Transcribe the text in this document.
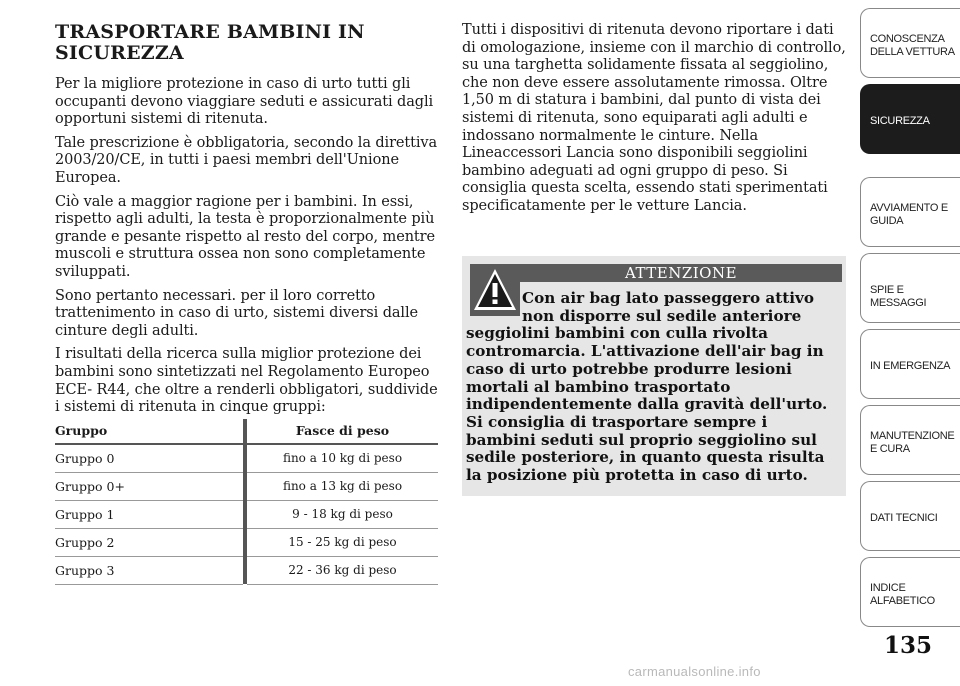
TRASPORTARE BAMBINI IN SICUREZZA

Per la migliore protezione in caso di urto tutti gli occupanti devono viaggiare seduti e assicurati dagli opportuni sistemi di ritenuta.

Tale prescrizione è obbligatoria, secondo la direttiva 2003/20/CE, in tutti i paesi membri dell'Unione Europea.

Ciò vale a maggior ragione per i bambini. In essi, rispetto agli adulti, la testa è proporzionalmente più grande e pesante rispetto al resto del corpo, mentre muscoli e struttura ossea non sono completamente sviluppati.

Sono pertanto necessari. per il loro corretto trattenimento in caso di urto, sistemi diversi dalle cinture degli adulti.

I risultati della ricerca sulla miglior protezione dei bambini sono sintetizzati nel Regolamento Europeo ECE- R44, che oltre a renderli obbligatori, suddivide i sistemi di ritenuta in cinque gruppi:

Gruppo		Fasce di peso
Gruppo 0		fino a 10 kg di peso
Gruppo 0+		fino a 13 kg di peso
Gruppo 1		9 - 18 kg di peso
Gruppo 2		15 - 25 kg di peso
Gruppo 3		22 - 36 kg di peso

Tutti i dispositivi di ritenuta devono riportare i dati di omologazione, insieme con il marchio di controllo, su una targhetta solidamente fissata al seggiolino, che non deve essere assolutamente rimossa. Oltre 1,50 m di statura i bambini, dal punto di vista dei sistemi di ritenuta, sono equiparati agli adulti e indossano normalmente le cinture. Nella Lineaccessori Lancia sono disponibili seggiolini bambino adeguati ad ogni gruppo di peso. Si consiglia questa scelta, essendo stati sperimentati specificatamente per le vetture Lancia.

ATTENZIONE
Con air bag lato passeggero attivo non disporre sul sedile anteriore
seggiolini bambini con culla rivolta contromarcia. L'attivazione dell'air bag in caso di urto potrebbe produrre lesioni mortali al bambino trasportato indipendentemente dalla gravità dell'urto. Si consiglia di trasportare sempre i bambini seduti sul proprio seggiolino sul sedile posteriore, in quanto questa risulta la posizione più protetta in caso di urto.
CONOSCENZA DELLA VETTURA
SICUREZZA
AVVIAMENTO E GUIDA
SPIE E MESSAGGI
IN EMERGENZA
MANUTENZIONE E CURA
DATI TECNICI
INDICE ALFABETICO
135
carmanualsonline.info
